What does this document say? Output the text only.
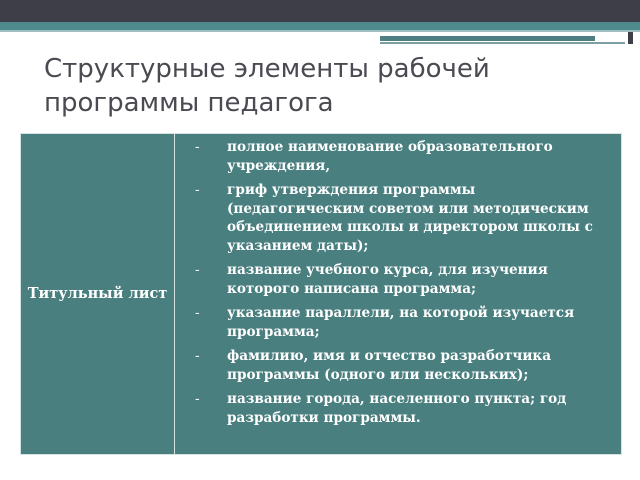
Структурные элементы рабочей программы педагога
Титульный лист
- полное наименование образовательного учреждения,
- гриф утверждения программы (педагогическим советом или методическим объединением школы и директором школы с указанием даты);
- название учебного курса, для изучения которого написана программа;
- указание параллели, на которой изучается программа;
- фамилию, имя и отчество разработчика программы (одного или нескольких);
- название города, населенного пункта; год разработки программы.
